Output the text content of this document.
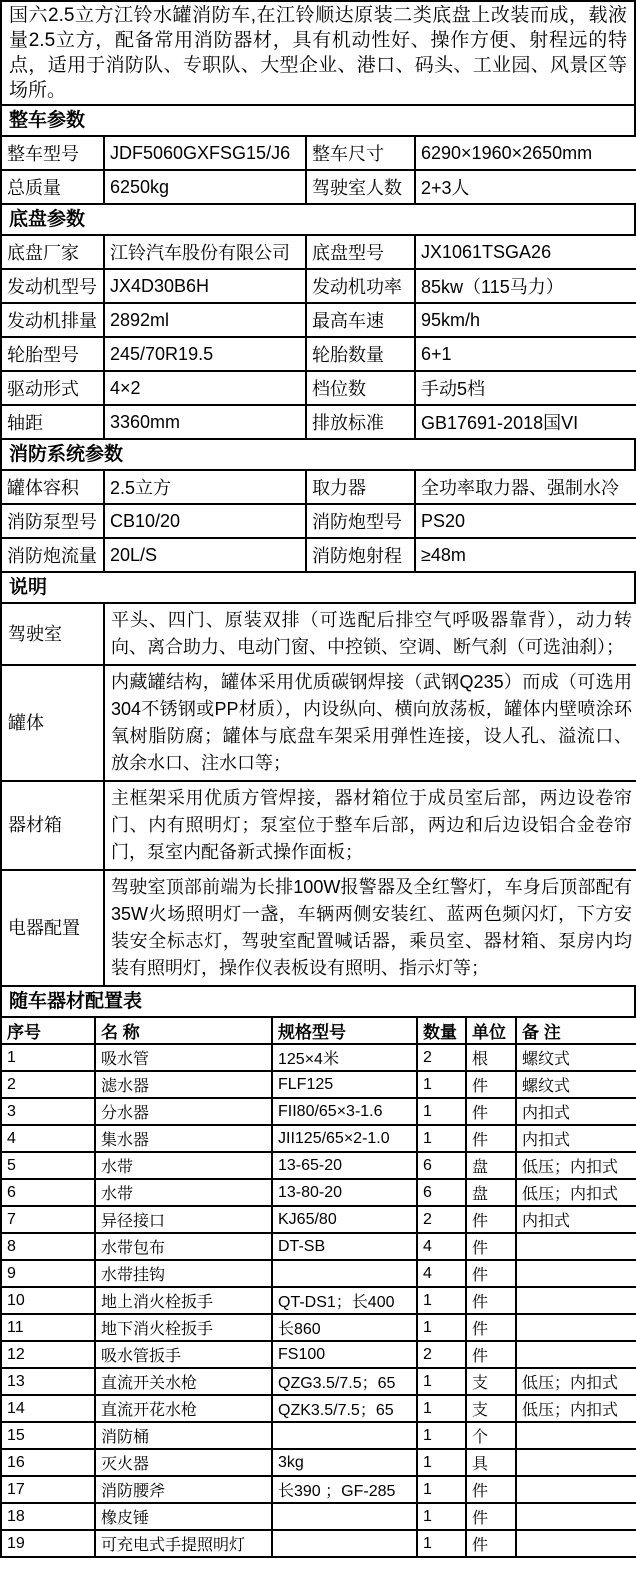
国六2.5立方江铃水罐消防车,在江铃顺达原装二类底盘上改装而成，载液量2.5立方，配备常用消防器材，具有机动性好、操作方便、射程远的特点，适用于消防队、专职队、大型企业、港口、码头、工业园、风景区等场所。
整车参数
整车型号	JDF5060GXFSG15/J6	整车尺寸	6290×1960×2650mm
总质量	6250kg	驾驶室人数	2+3人
底盘参数
底盘厂家	江铃汽车股份有限公司	底盘型号	JX1061TSGA26
发动机型号	JX4D30B6H	发动机功率	85kw（115马力）
发动机排量	2892ml	最高车速	95km/h
轮胎型号	245/70R19.5	轮胎数量	6+1
驱动形式	4×2	档位数	手动5档
轴距	3360mm	排放标准	GB17691-2018国VI
消防系统参数
罐体容积	2.5立方	取力器	全功率取力器、强制水冷
消防泵型号	CB10/20	消防炮型号	PS20
消防炮流量	20L/S	消防炮射程	≥48m
说明
驾驶室	平头、四门、原装双排（可选配后排空气呼吸器靠背），动力转向、离合助力、电动门窗、中控锁、空调、断气刹（可选油刹）；
罐体	内藏罐结构，罐体采用优质碳钢焊接（武钢Q235）而成（可选用304不锈钢或PP材质），内设纵向、横向放荡板，罐体内壁喷涂环氧树脂防腐；罐体与底盘车架采用弹性连接，设人孔、溢流口、放余水口、注水口等；
器材箱	主框架采用优质方管焊接，器材箱位于成员室后部，两边设卷帘门、内有照明灯；泵室位于整车后部，两边和后边设铝合金卷帘门，泵室内配备新式操作面板；
电器配置	驾驶室顶部前端为长排100W报警器及全红警灯，车身后顶部配有35W火场照明灯一盏，车辆两侧安装红、蓝两色频闪灯，下方安装安全标志灯，驾驶室配置喊话器，乘员室、器材箱、泵房内均装有照明灯，操作仪表板设有照明、指示灯等；
随车器材配置表
序号	名 称	规格型号	数量	单位	备 注
1	吸水管	125×4米	2	根	螺纹式
2	滤水器	FLF125	1	件	螺纹式
3	分水器	FII80/65×3-1.6	1	件	内扣式
4	集水器	JII125/65×2-1.0	1	件	内扣式
5	水带	13-65-20	6	盘	低压；内扣式
6	水带	13-80-20	6	盘	低压；内扣式
7	异径接口	KJ65/80	2	件	内扣式
8	水带包布	DT-SB	4	件	
9	水带挂钩		4	件	
10	地上消火栓扳手	QT-DS1；长400	1	件	
11	地下消火栓扳手	长860	1	件	
12	吸水管扳手	FS100	2	件	
13	直流开关水枪	QZG3.5/7.5；65	1	支	低压；内扣式
14	直流开花水枪	QZK3.5/7.5；65	1	支	低压；内扣式
15	消防桶		1	个	
16	灭火器	3kg	1	具	
17	消防腰斧	长390 ；GF-285	1	件	
18	橡皮锤		1	件	
19	可充电式手提照明灯		1	件	
